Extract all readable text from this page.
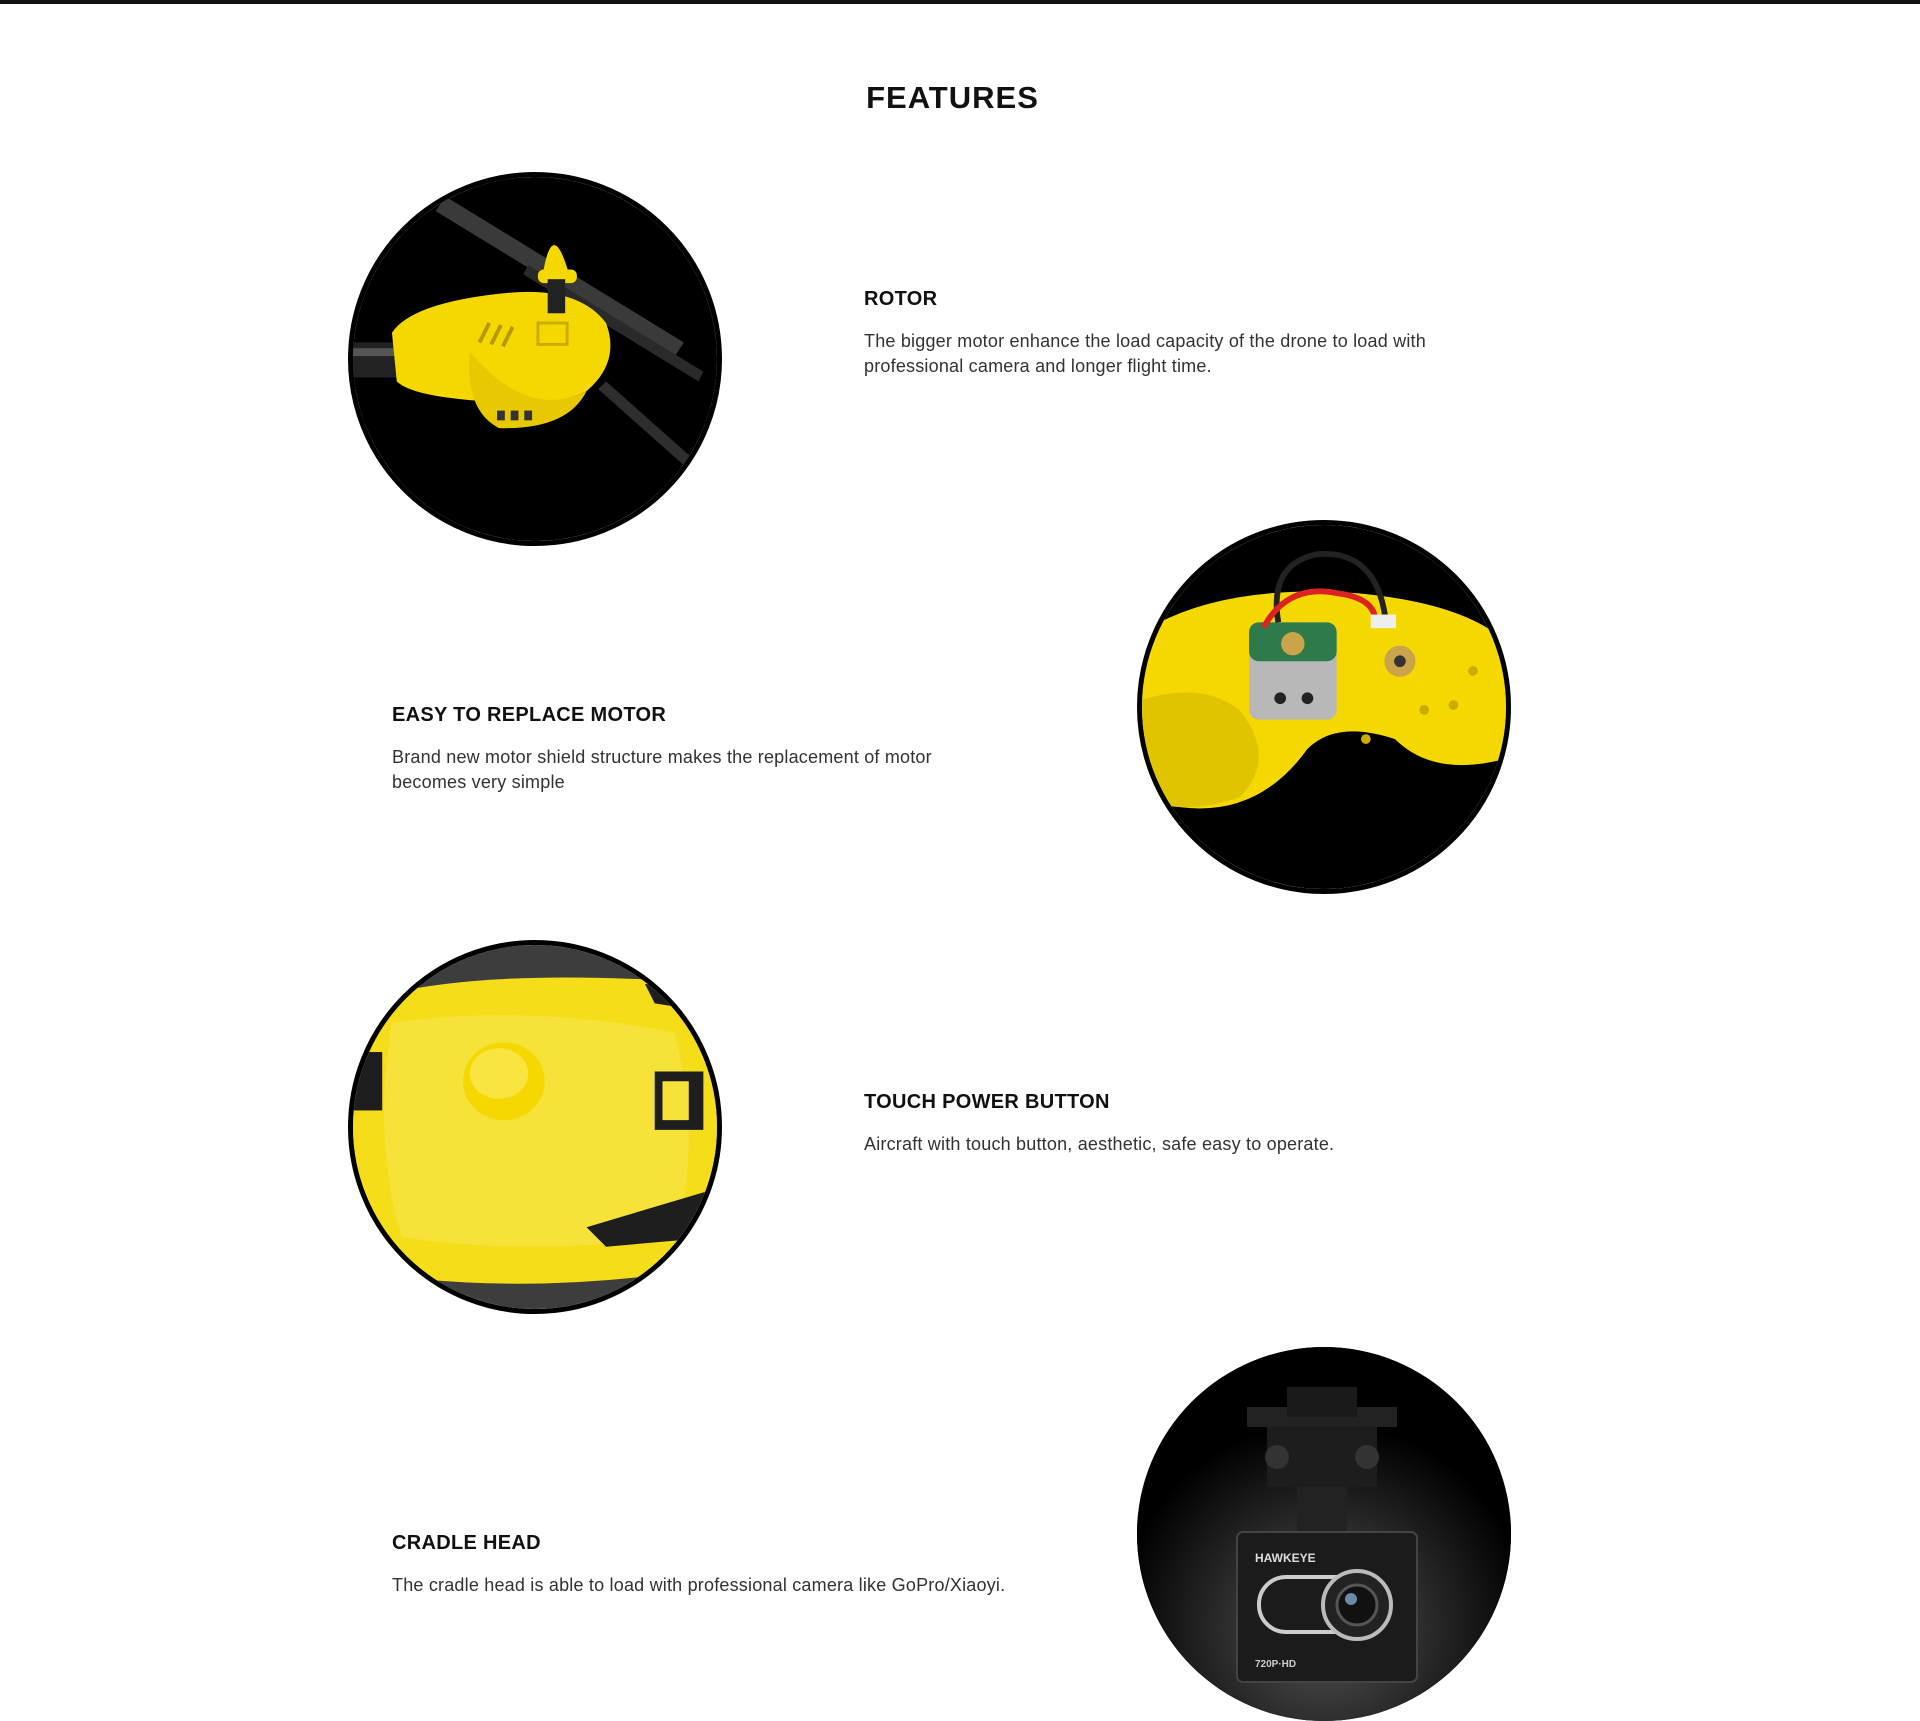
FEATURES
ROTOR

The bigger motor enhance the load capacity of the drone to load with professional camera and longer flight time.

EASY TO REPLACE MOTOR

Brand new motor shield structure makes the replacement of motor becomes very simple

TOUCH POWER BUTTON

Aircraft with touch button, aesthetic, safe easy to operate.

HAWKEYE
720P·HD
CRADLE HEAD

The cradle head is able to load with professional camera like GoPro/Xiaoyi.
